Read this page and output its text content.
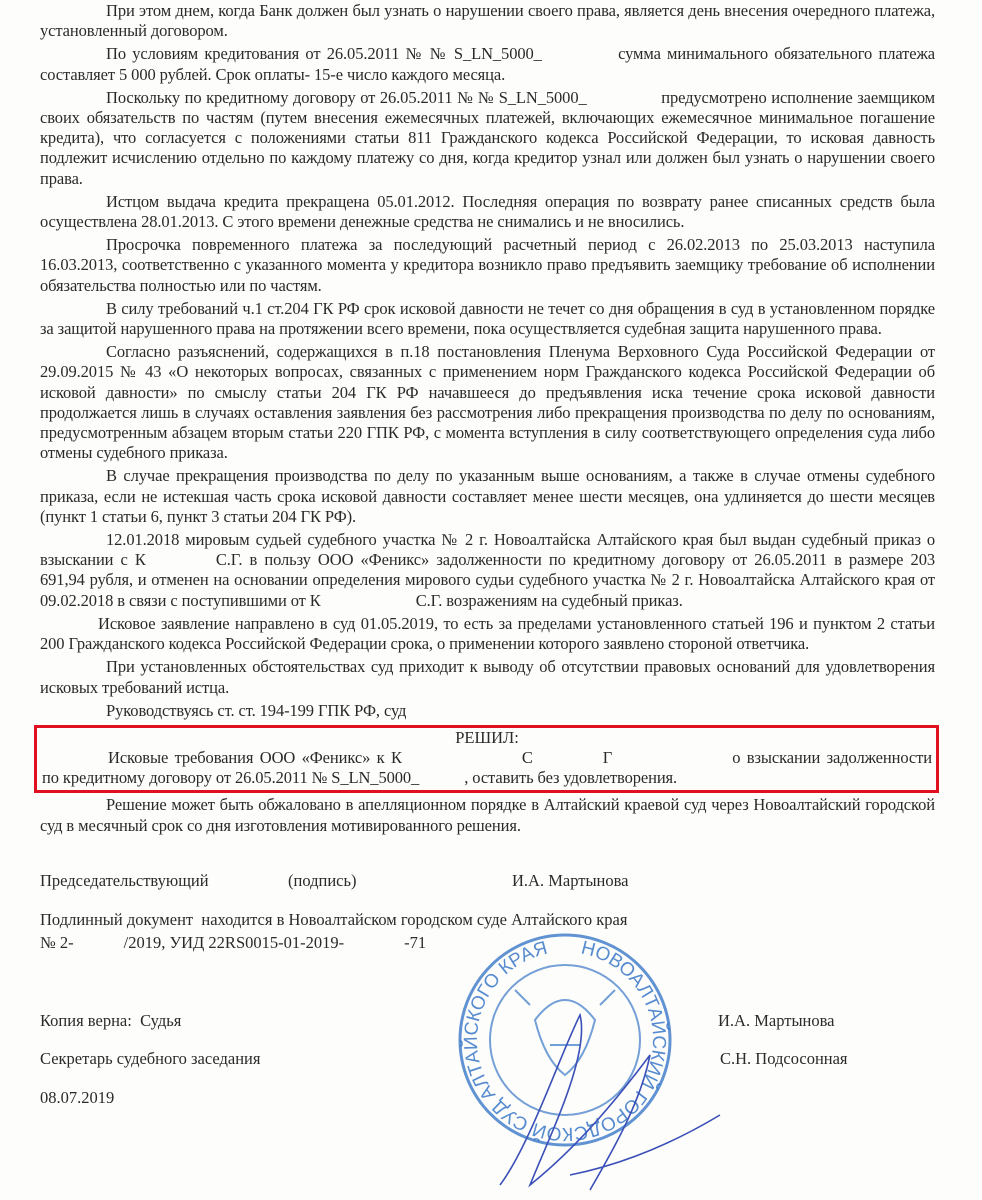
При этом днем, когда Банк должен был узнать о нарушении своего права, является день внесения очередного платежа, установленный договором.

По условиям кредитования от 26.05.2011 № № S_LN_5000_	сумма минимального обязательного платежа составляет 5 000 рублей. Срок оплаты- 15-е число каждого месяца.

Поскольку по кредитному договору от 26.05.2011 № № S_LN_5000_	предусмотрено исполнение заемщиком своих обязательств по частям (путем внесения ежемесячных платежей, включающих ежемесячное минимальное погашение кредита), что согласуется с положениями статьи 811 Гражданского кодекса Российской Федерации, то исковая давность подлежит исчислению отдельно по каждому платежу со дня, когда кредитор узнал или должен был узнать о нарушении своего права.

Истцом выдача кредита прекращена 05.01.2012. Последняя операция по возврату ранее списанных средств была осуществлена 28.01.2013. С этого времени денежные средства не снимались и не вносились.

Просрочка повременного платежа за последующий расчетный период с 26.02.2013 по 25.03.2013 наступила 16.03.2013, соответственно с указанного момента у кредитора возникло право предъявить заемщику требование об исполнении обязательства полностью или по частям.

В силу требований ч.1 ст.204 ГК РФ срок исковой давности не течет со дня обращения в суд в установленном порядке за защитой нарушенного права на протяжении всего времени, пока осуществляется судебная защита нарушенного права.

Согласно разъяснений, содержащихся в п.18 постановления Пленума Верховного Суда Российской Федерации от 29.09.2015 № 43 «О некоторых вопросах, связанных с применением норм Гражданского кодекса Российской Федерации об исковой давности» по смыслу статьи 204 ГК РФ начавшееся до предъявления иска течение срока исковой давности продолжается лишь в случаях оставления заявления без рассмотрения либо прекращения производства по делу по основаниям, предусмотренным абзацем вторым статьи 220 ГПК РФ, с момента вступления в силу соответствующего определения суда либо отмены судебного приказа.

В случае прекращения производства по делу по указанным выше основаниям, а также в случае отмены судебного приказа, если не истекшая часть срока исковой давности составляет менее шести месяцев, она удлиняется до шести месяцев (пункт 1 статьи 6, пункт 3 статьи 204 ГК РФ).

12.01.2018 мировым судьей судебного участка № 2 г. Новоалтайска Алтайского края был выдан судебный приказ о взыскании с К	С.Г. в пользу ООО «Феникс» задолженности по кредитному договору от 26.05.2011 в размере 203 691,94 рубля, и отменен на основании определения мирового судьи судебного участка № 2 г. Новоалтайска Алтайского края от 09.02.2018 в связи с поступившими от К	С.Г. возражениям на судебный приказ.

Исковое заявление направлено в суд 01.05.2019, то есть за пределами установленного статьей 196 и пунктом 2 статьи 200 Гражданского кодекса Российской Федерации срока, о применении которого заявлено стороной ответчика.

При установленных обстоятельствах суд приходит к выводу об отсутствии правовых оснований для удовлетворения исковых требований истца.

Руководствуясь ст. ст. 194-199 ГПК РФ, суд

РЕШИЛ:

Исковые требования ООО «Феникс» к К	С	Г	о взыскании задолженности по кредитному договору от 26.05.2011 № S_LN_5000_	, оставить без удовлетворения.

Решение может быть обжаловано в апелляционном порядке в Алтайский краевой суд через Новоалтайский городской суд в месячный срок со дня изготовления мотивированного решения.

НОВОАЛТАЙСКИЙ ГОРОДСКОЙ СУД АЛТАЙСКОГО КРАЯ
Председательствующий	(подпись)	И.А. Мартынова
Подлинный документ  находится в Новоалтайском городском суде Алтайского края
№ 2-	/2019, УИД 22RS0015-01-2019-	-71
Копия верна:  Судья	И.А. Мартынова
Секретарь судебного заседания	С.Н. Подсосонная
08.07.2019
